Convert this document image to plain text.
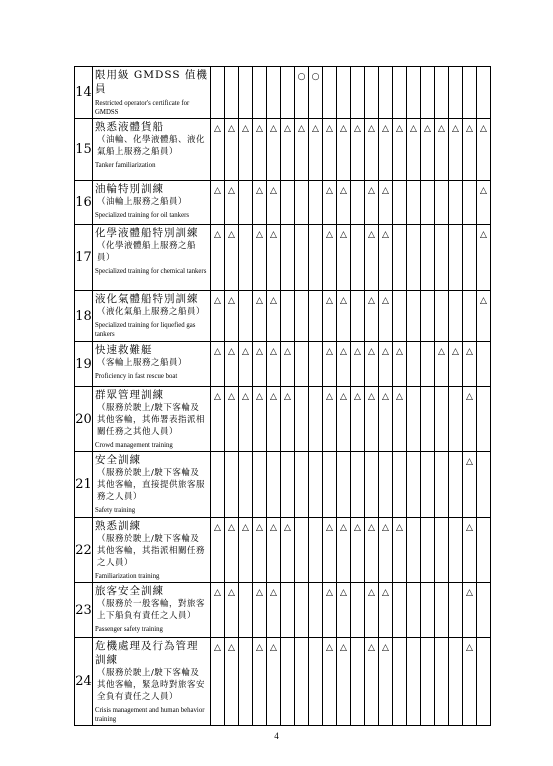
14	限用級 GMDSS 值機員
Restricted operator's certificate for GMDSS							○	○												
15	熟悉液體貨船
（油輪、化學液體船、液化氣船上服務之船員）
Tanker familiarization	△	△	△	△	△	△	△	△	△	△	△	△	△	△	△	△	△	△	△	△
16	油輪特別訓練
（油輪上服務之船員）
Specialized training for oil tankers	△	△		△	△				△	△		△	△							△
17	化學液體船特別訓練
（化學液體船上服務之船員）
Specialized training for chemical tankers	△	△		△	△				△	△		△	△							△
18	液化氣體船特別訓練
（液化氣船上服務之船員）
Specialized training for liquefied gas tankers	△	△		△	△				△	△		△	△							△
19	快速救難艇
（客輪上服務之船員）
Proficiency in fast rescue boat	△	△	△	△	△	△			△	△	△	△	△	△			△	△	△	
20	群眾管理訓練
（服務於駛上/駛下客輪及其他客輪，其佈署表指派相關任務之其他人員）
Crowd management training	△	△	△	△	△	△			△	△	△	△	△	△					△	
21	安全訓練
（服務於駛上/駛下客輪及其他客輪，直接提供旅客服務之人員）
Safety training																			△	
22	熟悉訓練
（服務於駛上/駛下客輪及其他客輪，其指派相關任務之人員）
Familiarization training	△	△	△	△	△	△			△	△	△	△	△	△					△	
23	旅客安全訓練
（服務於一般客輪，對旅客上下船負有責任之人員）
Passenger safety training	△	△		△	△				△	△		△	△						△	
24	危機處理及行為管理訓練
（服務於駛上/駛下客輪及其他客輪，緊急時對旅客安全負有責任之人員）
Crisis management and human behavior training	△	△		△	△				△	△		△	△						△	
4
